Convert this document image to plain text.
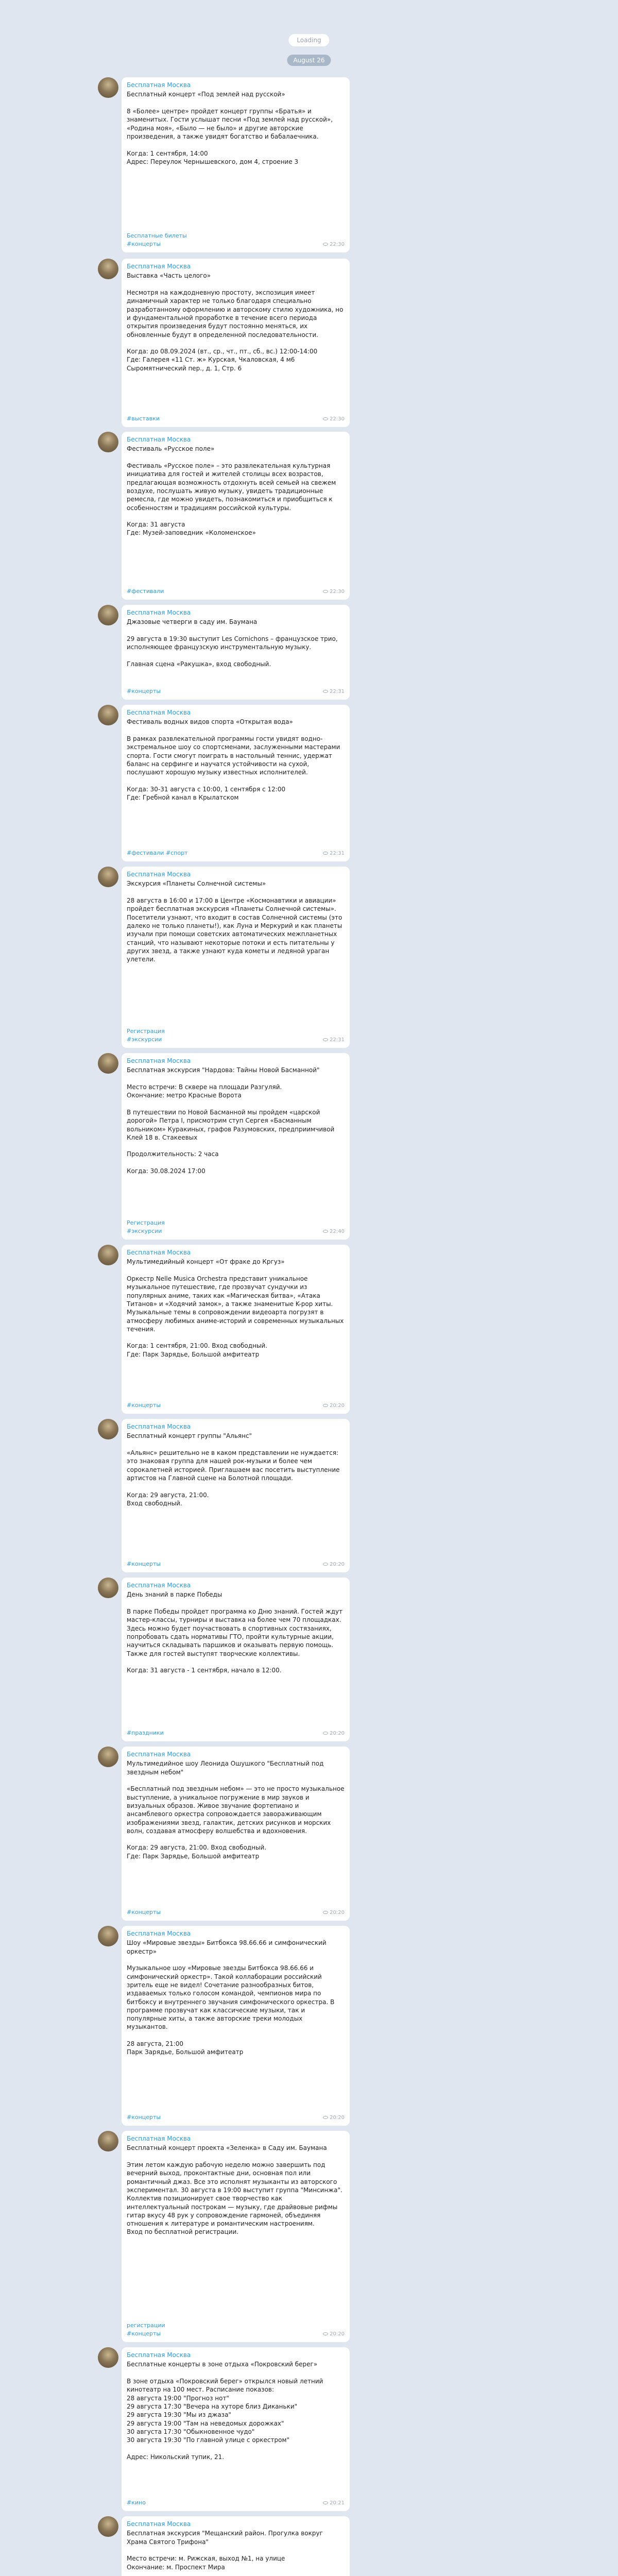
Loading
August 26
Бесплатная Москва
Бесплатный концерт «Под землей над русской»

8 «Более» центре» пройдет концерт группы «Братья» и знаменитых. Гости услышат песни «Под землей над русской», «Родина моя», «Было — не было» и другие авторские произведения, а также увидят богатство и бабалаечника.

Когда: 1 сентября, 14:00
Адрес: Переулок Чернышевского, дом 4, строение 3
Бесплатные билеты
#концерты	22:30
Бесплатная Москва
Выставка «Часть целого»

Несмотря на каждодневную простоту, экспозиция имеет динамичный характер не только благодаря специально разработанному оформлению и авторскому стилю художника, но и фундаментальной проработке в течение всего периода открытия произведения будут постоянно меняться, их обновленные будут в определенной последовательности.

Когда: до 08.09.2024 (вт., ср., чт., пт., сб., вс.) 12:00-14:00
Где: Галерея «11 Ст. ж» Курская, Чкаловская, 4 м6 Сыромятнический пер., д. 1, Стр. 6
#выставки	22:30
Бесплатная Москва
Фестиваль «Русское поле»

Фестиваль «Русское поле» – это развлекательная культурная инициатива для гостей и жителей столицы всех возрастов, предлагающая возможность отдохнуть всей семьей на свежем воздухе, послушать живую музыку, увидеть традиционные ремесла, где можно увидеть, познакомиться и приобщиться к особенностям и традициям российской культуры.

Когда: 31 августа
Где: Музей-заповедник «Коломенское»
#фестивали	22:30
Бесплатная Москва
Джазовые четверги в саду им. Баумана

29 августа в 19:30 выступит Les Cornichons – французское трио, исполняющее французскую инструментальную музыку.

Главная сцена «Ракушка», вход свободный.
#концерты	22:31
Бесплатная Москва
Фестиваль водных видов спорта «Открытая вода»

В рамках развлекательной программы гости увидят водно-экстремальное шоу со спортсменами, заслуженными мастерами спорта. Гости смогут поиграть в настольный теннис, удержат баланс на серфинге и научатся устойчивости на сухой, послушают хорошую музыку известных исполнителей.

Когда: 30-31 августа с 10:00, 1 сентября с 12:00
Где: Гребной канал в Крылатском
#фестивали #спорт	22:31
Бесплатная Москва
Экскурсия «Планеты Солнечной системы»

28 августа в 16:00 и 17:00 в Центре «Космонавтики и авиации» пройдет бесплатная экскурсия «Планеты Солнечной системы». Посетители узнают, что входит в состав Солнечной системы (это далеко не только планеты!), как Луна и Меркурий и как планеты изучали при помощи советских автоматических межпланетных станций, что называют некоторые потоки и есть питательны у других звезд, а также узнают куда кометы и ледяной ураган улетели.
Регистрация
#экскурсии	22:31
Бесплатная Москва
Бесплатная экскурсия "Нардова: Тайны Новой Басманной"

Место встречи: В сквере на площади Разгуляй.
Окончание: метро Красные Ворота

В путешествии по Новой Басманной мы пройдем «царской дорогой» Петра I, присмотрим ступ Сергея «Басманным вольником» Куракиных, графов Разумовских, предприимчивой Клей 18 в. Стакеевых

Продолжительность: 2 часа

Когда: 30.08.2024 17:00
Регистрация
#экскурсии	22:40
Бесплатная Москва
Мультимедийный концерт «От фраке до Кргуз»

Оркестр Nelle Musica Orchestra представит уникальное музыкальное путешествие, где прозвучат сундучки из популярных аниме, таких как «Магическая битва», «Атака Титанов» и «Ходячий замок», а также знаменитые K-pop хиты. Музыкальные темы в сопровождении видеоарта погрузят в атмосферу любимых аниме-историй и современных музыкальных течения.

Когда: 1 сентября, 21:00. Вход свободный.
Где: Парк Зарядье, Большой амфитеатр
#концерты	20:20
Бесплатная Москва
Бесплатный концерт группы "Альянс"

«Альянс» решительно не в каком представлении не нуждается: это знаковая группа для нашей рок-музыки и более чем сорокалетней историей. Приглашаем вас посетить выступление артистов на Главной сцене на Болотной площади.

Когда: 29 августа, 21:00.
Вход свободный.
#концерты	20:20
Бесплатная Москва
День знаний в парке Победы

В парке Победы пройдет программа ко Дню знаний. Гостей ждут мастер-классы, турниры и выставка на более чем 70 площадках. Здесь можно будет поучаствовать в спортивных состязаниях, попробовать сдать нормативы ГТО, пройти культурные акции, научиться складывать паршиков и оказывать первую помощь. Также для гостей выступят творческие коллективы.

Когда: 31 августа - 1 сентября, начало в 12:00.
#праздники	20:20
Бесплатная Москва
Мультимедийное шоу Леонида Ошушкого "Бесплатный под звездным небом"

«Бесплатный под звездным небом» — это не просто музыкальное выступление, а уникальное погружение в мир звуков и визуальных образов. Живое звучание фортепиано и ансамблевого оркестра сопровождается завораживающим изображениями звезд, галактик, детских рисунков и морских волн, создавая атмосферу волшебства и вдохновения.

Когда: 29 августа, 21:00. Вход свободный.
Где: Парк Зарядье, Большой амфитеатр
#концерты	20:20
Бесплатная Москва
Шоу «Мировые звезды» Битбокса 98.66.66 и симфонический оркестр»

Музыкальное шоу «Мировые звезды Битбокса 98.66.66 и симфонический оркестр». Такой коллаборации российский зритель еще не видел! Сочетание разнообразных битов, издаваемых только голосом командой, чемпионов мира по битбоксу и внутреннего звучания симфонического оркестра. В программе прозвучат как классические музыки, так и популярные хиты, а также авторские треки молодых музыкантов.

28 августа, 21:00
Парк Зарядье, Большой амфитеатр
#концерты	20:20
Бесплатная Москва
Бесплатный концерт проекта «Зеленка» в Саду им. Баумана

Этим летом каждую рабочую неделю можно завершить под вечерний выход, проконтактные дни, основная пол или романтичный джаз. Все это исполнят музыканты из авторского экспериментал. 30 августа в 19:00 выступит группа "Минсинжа". Коллектив позиционирует свое творчество как интеллектуальный построкам — музыку, где драйвовые рифмы гитар вкусу 48 рук у сопровождение гармоней, объединяя отношения к литературе и романтическим настроениям.
Вход по бесплатной регистрации.
регистрации
#концерты	20:20
Бесплатная Москва
Бесплатные концерты в зоне отдыха «Покровский берег»

В зоне отдыха «Покровский берег» открылся новый летний кинотеатр на 100 мест. Расписание показов:
28 августа 19:00 "Прогноз нот"
29 августа 17:30 "Вечера на хуторе близ Диканьки"
29 августа 19:30 "Мы из джаза"
29 августа 19:00 "Там на неведомых дорожках"
30 августа 17:30 "Обыкновенное чудо"
30 августа 19:30 "По главной улице с оркестром"

Адрес: Никольский тупик, 21.
#кино	20:21
Бесплатная Москва
Бесплатная экскурсия "Мещанский район. Прогулка вокруг Храма Святого Трифона"

Место встречи: м. Рижская, выход №1, на улице
Окончание: м. Проспект Мира
